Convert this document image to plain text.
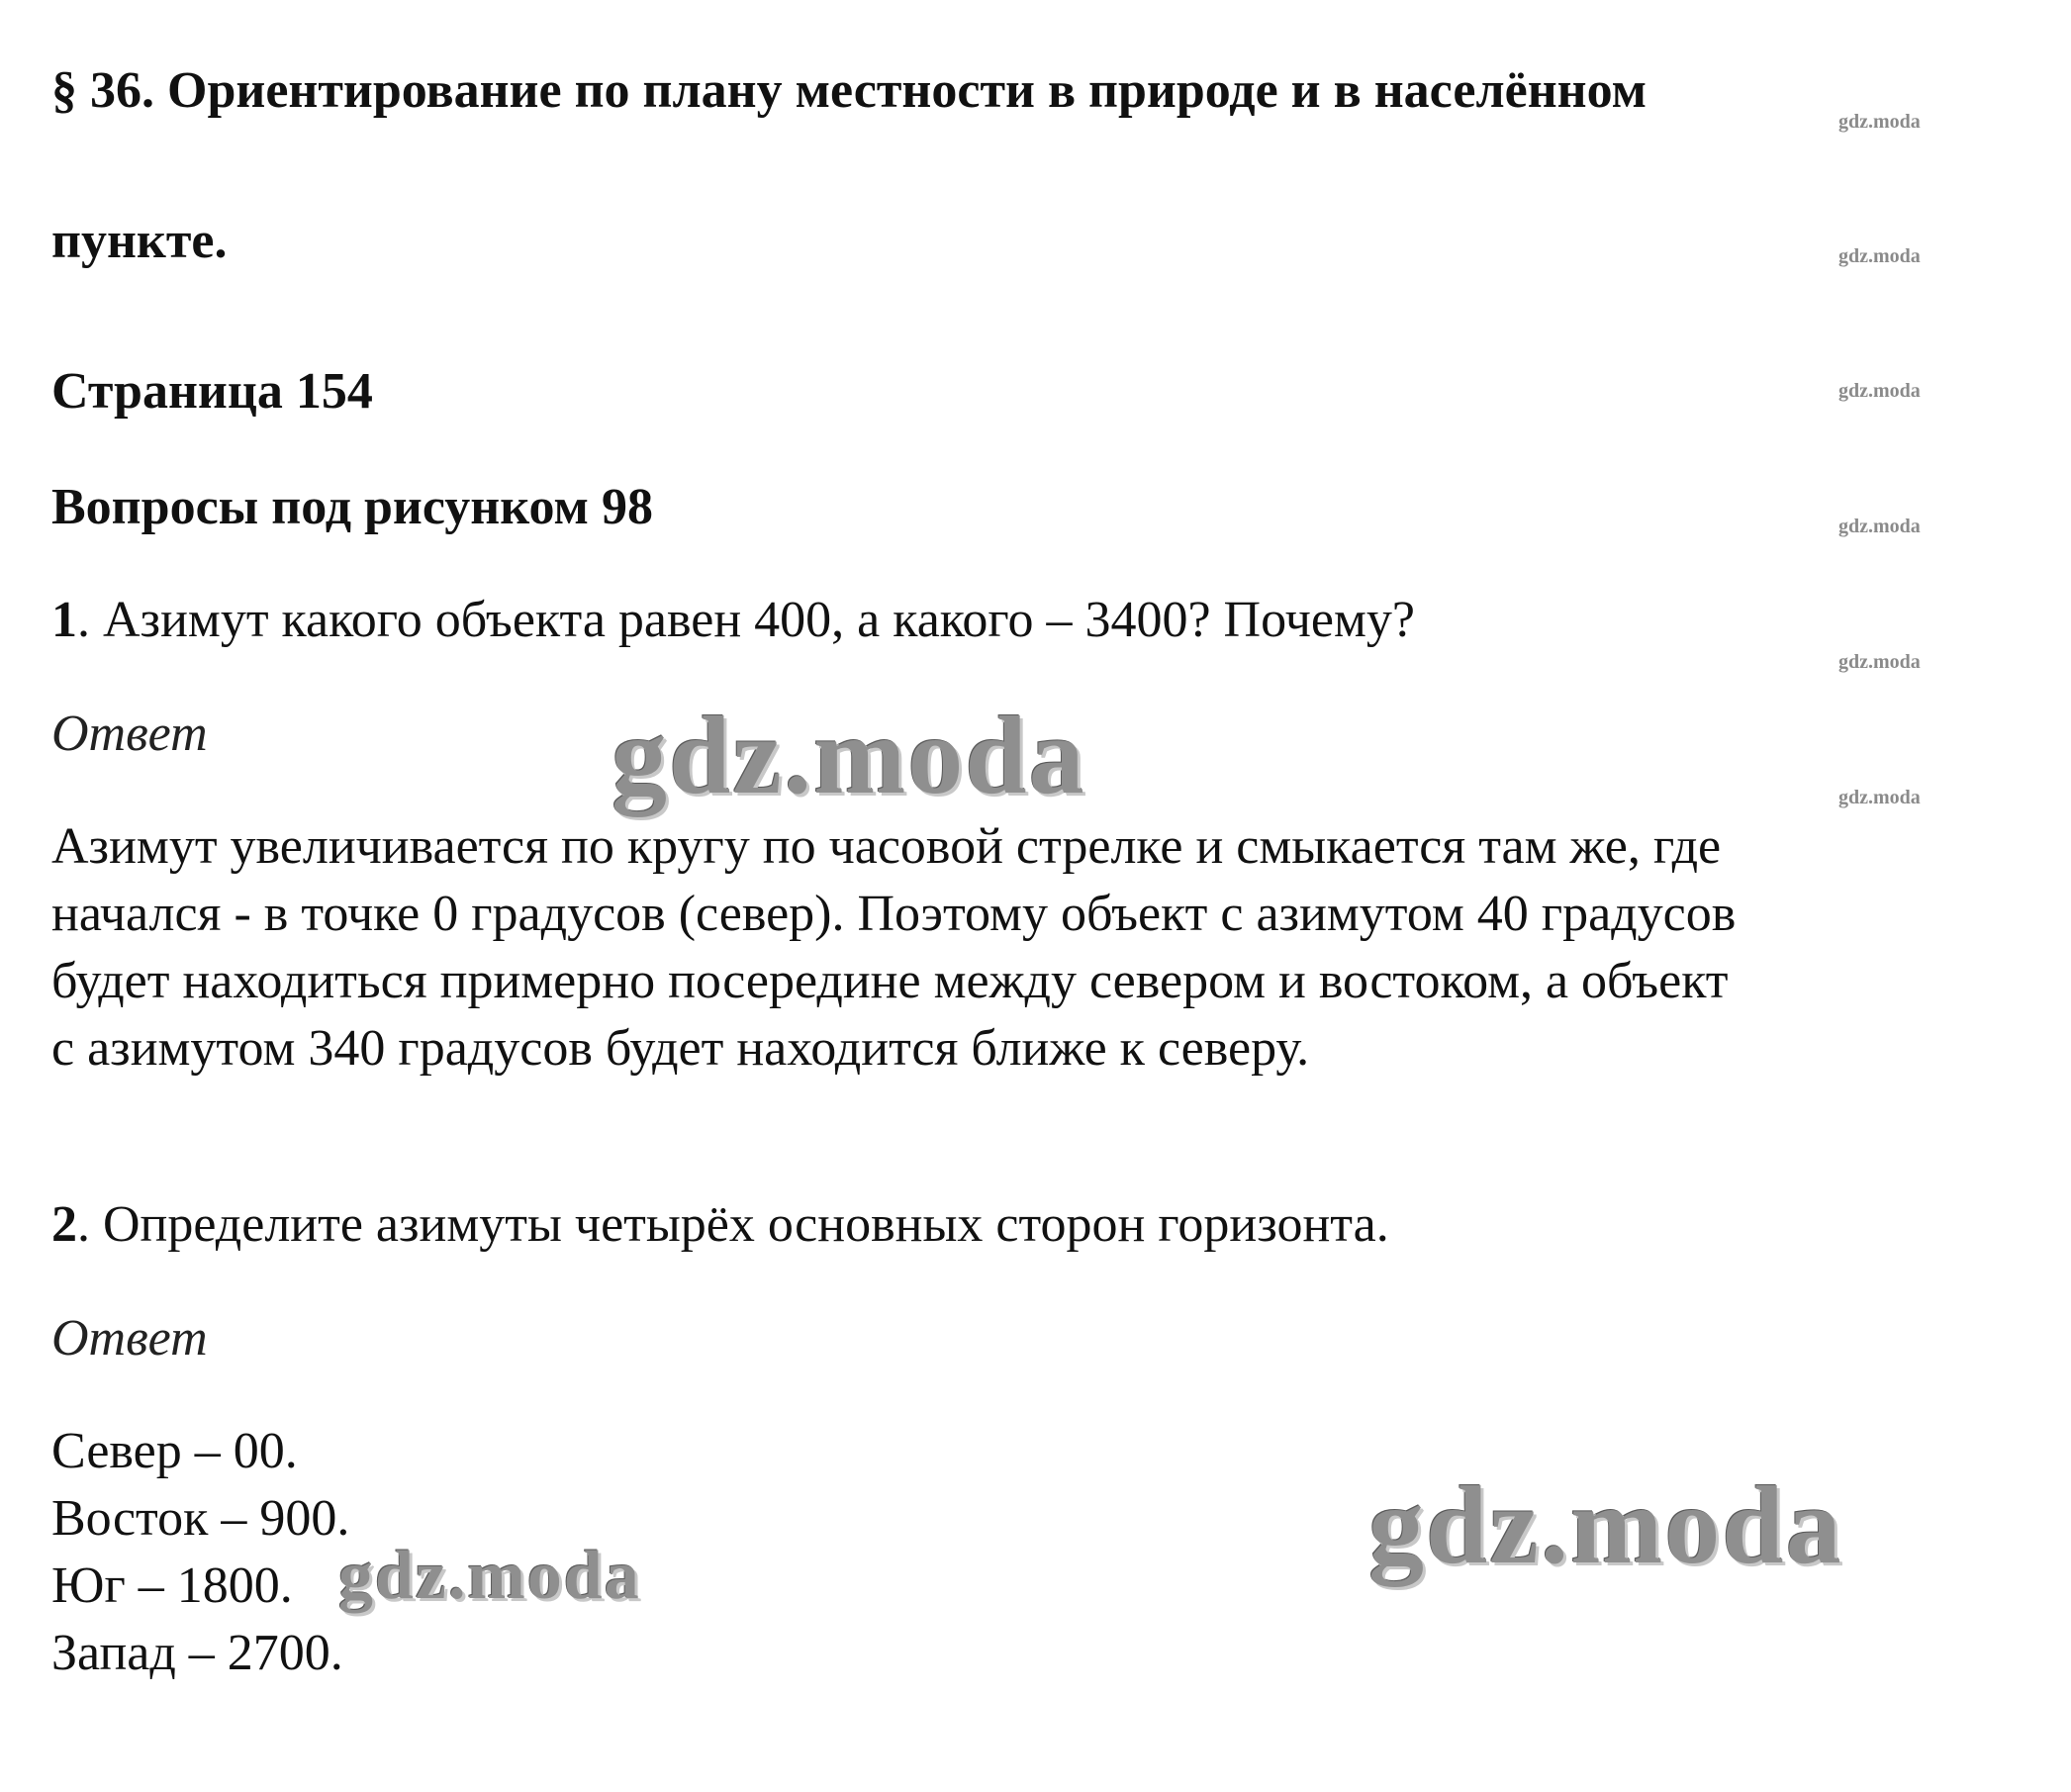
§ 36. Ориентирование по плану местности в природе и в населённом
пункте.
Страница 154
Вопросы под рисунком 98
1. Азимут какого объекта равен 400, а какого – 3400? Почему?
Ответ
Азимут увеличивается по кругу по часовой стрелке и смыкается там же, где
начался - в точке 0 градусов (север). Поэтому объект с азимутом 40 градусов
будет находиться примерно посередине между севером и востоком, а объект
с азимутом 340 градусов будет находится ближе к северу.
2. Определите азимуты четырёх основных сторон горизонта.
Ответ
Север – 00.
Восток – 900.
Юг – 1800.
Запад – 2700.
gdz.moda
gdz.moda
gdz.moda
gdz.moda
gdz.moda
gdz.moda
gdz.moda
gdz.moda
gdz.moda
